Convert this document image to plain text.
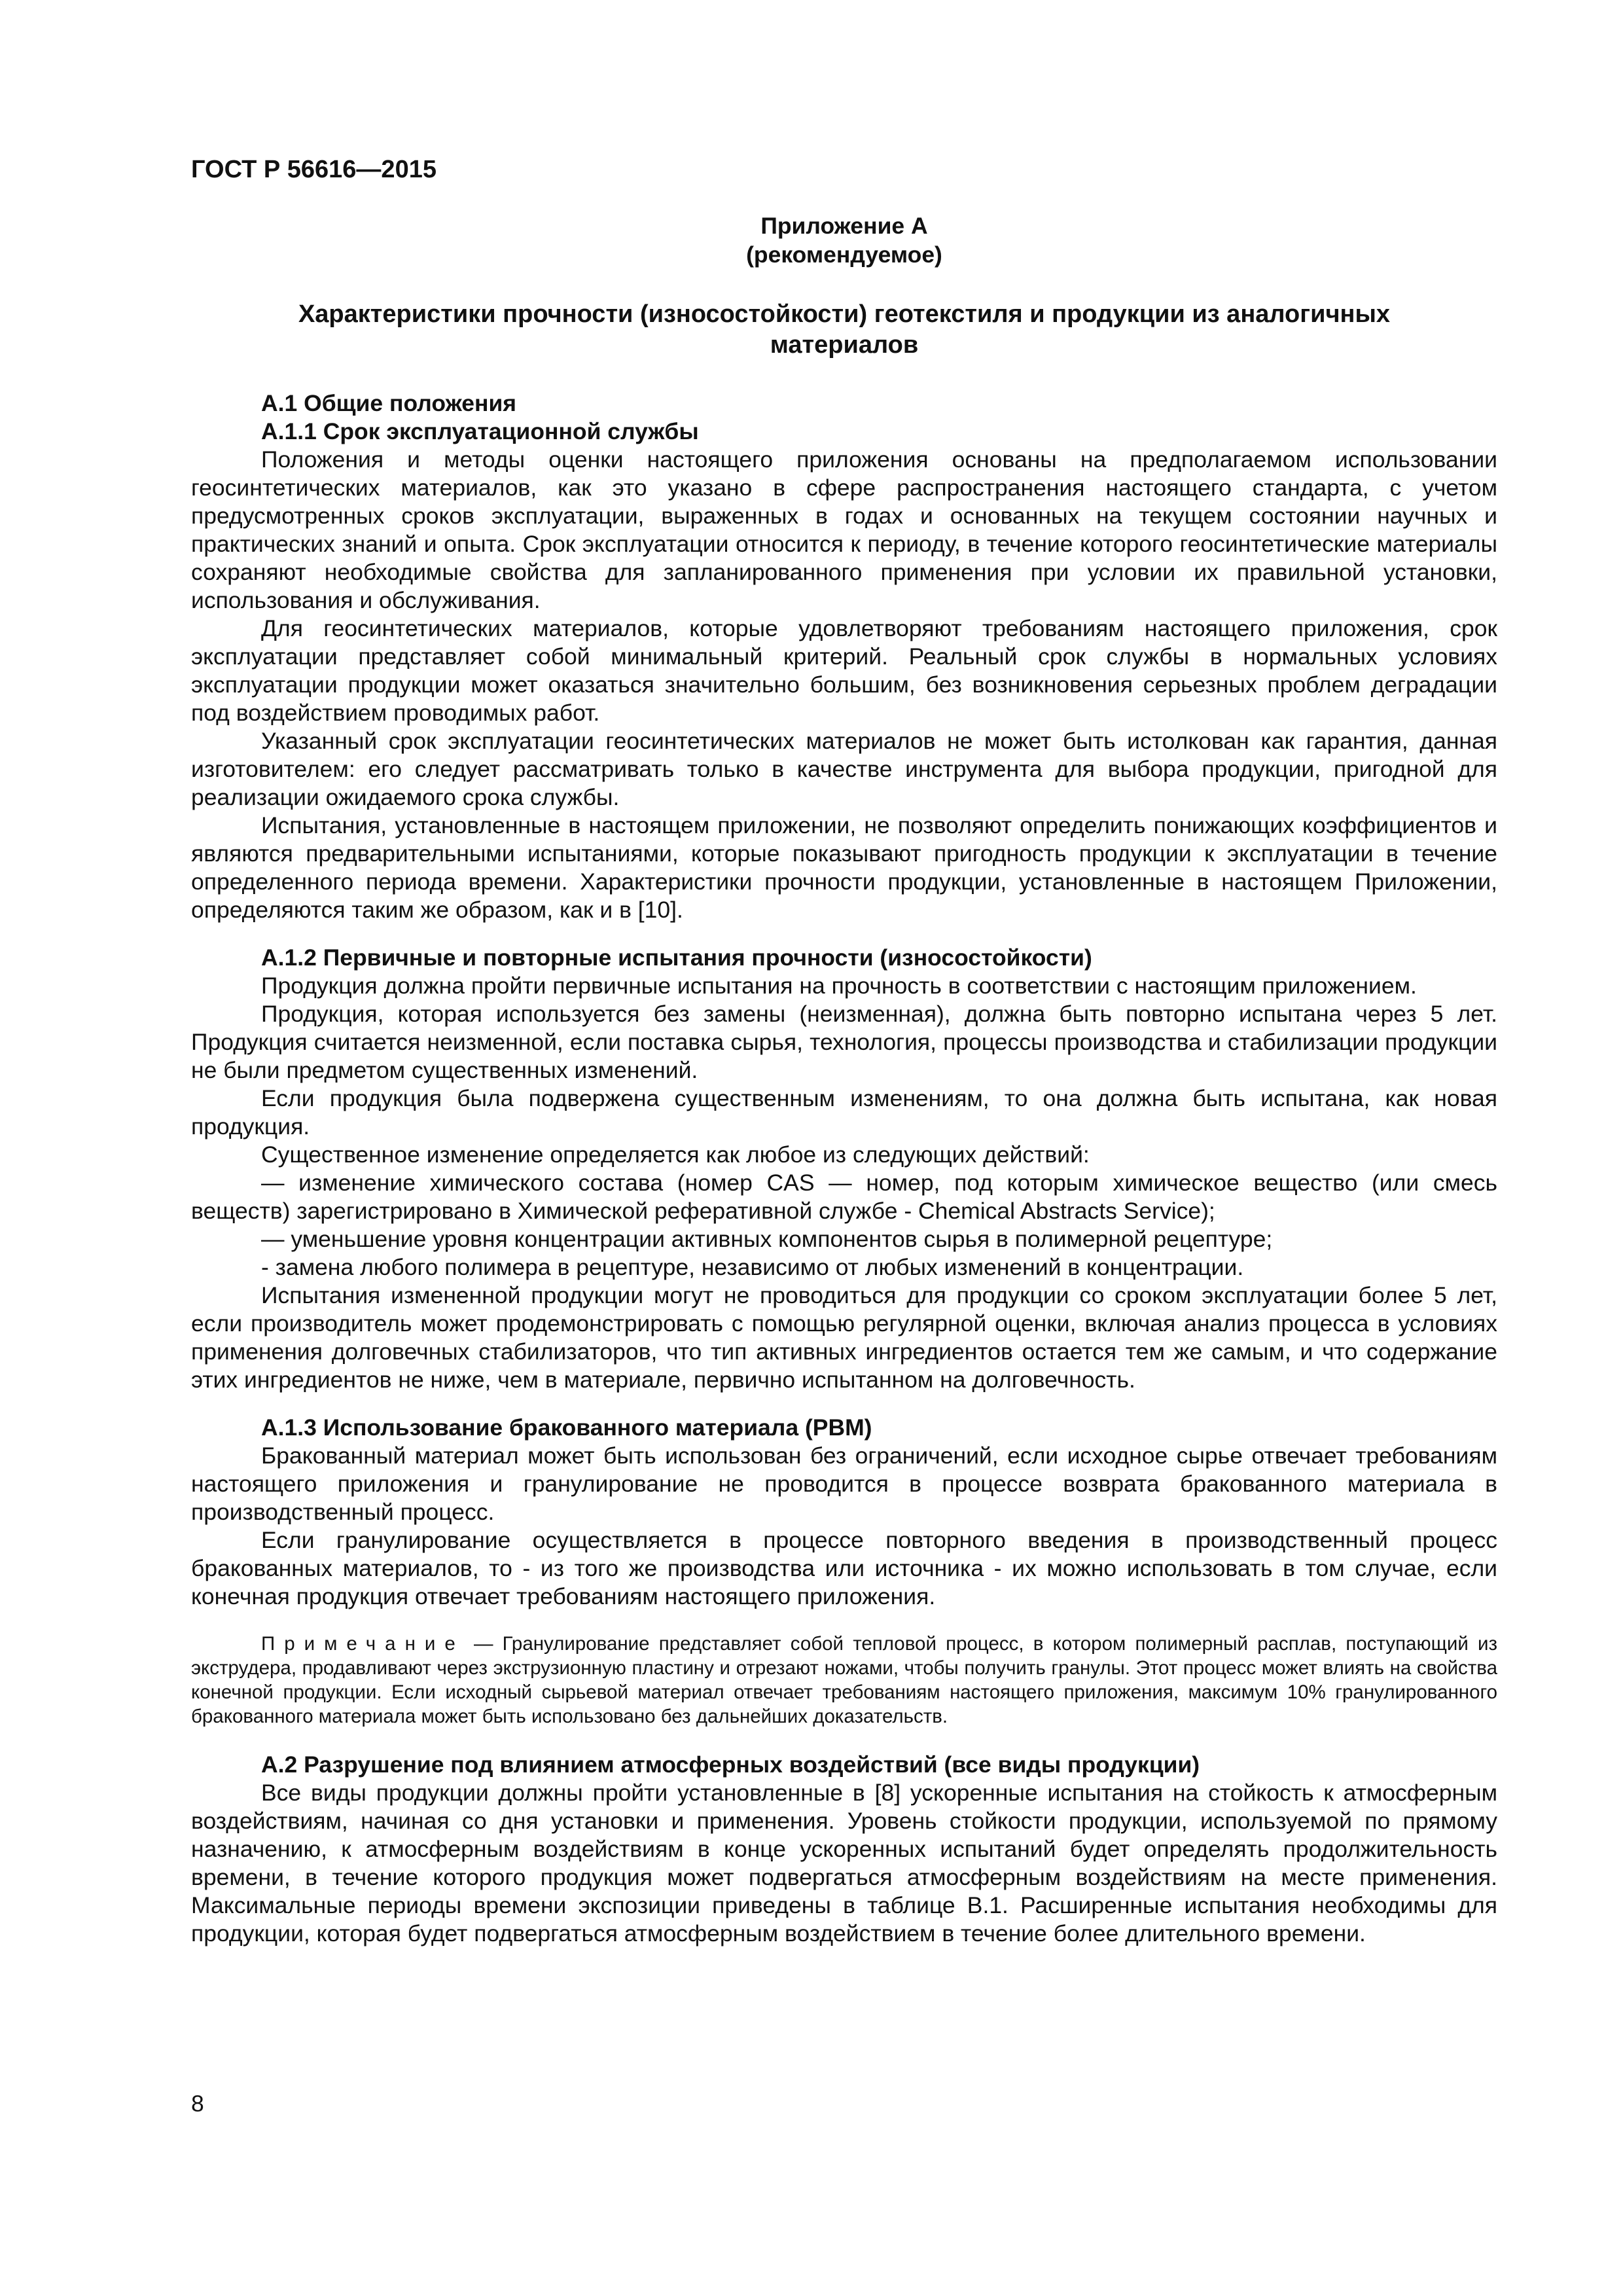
ГОСТ Р 56616—2015
Приложение А
(рекомендуемое)
Характеристики прочности (износостойкости) геотекстиля и продукции из аналогичных материалов
А.1 Общие положения
А.1.1 Срок эксплуатационной службы

Положения и методы оценки настоящего приложения основаны на предполагаемом использовании геосинтетических материалов, как это указано в сфере распространения настоящего стандарта, с учетом предусмотренных сроков эксплуатации, выраженных в годах и основанных на текущем состоянии научных и практических знаний и опыта. Срок эксплуатации относится к периоду, в течение которого геосинтетические материалы сохраняют необходимые свойства для запланированного применения при условии их правильной установки, использования и обслуживания.

Для геосинтетических материалов, которые удовлетворяют требованиям настоящего приложения, срок эксплуатации представляет собой минимальный критерий. Реальный срок службы в нормальных условиях эксплуатации продукции может оказаться значительно большим, без возникновения серьезных проблем деградации под воздействием проводимых работ.

Указанный срок эксплуатации геосинтетических материалов не может быть истолкован как гарантия, данная изготовителем: его следует рассматривать только в качестве инструмента для выбора продукции, пригодной для реализации ожидаемого срока службы.

Испытания, установленные в настоящем приложении, не позволяют определить понижающих коэффициентов и являются предварительными испытаниями, которые показывают пригодность продукции к эксплуатации в течение определенного периода времени. Характеристики прочности продукции, установленные в настоящем Приложении, определяются таким же образом, как и в [10].

А.1.2 Первичные и повторные испытания прочности (износостойкости)

Продукция должна пройти первичные испытания на прочность в соответствии с настоящим приложением.

Продукция, которая используется без замены (неизменная), должна быть повторно испытана через 5 лет. Продукция считается неизменной, если поставка сырья, технология, процессы производства и стабилизации продукции не были предметом существенных изменений.

Если продукция была подвержена существенным изменениям, то она должна быть испытана, как новая продукция.

Существенное изменение определяется как любое из следующих действий:

— изменение химического состава (номер CAS — номер, под которым химическое вещество (или смесь веществ) зарегистрировано в Химической реферативной службе - Chemical Abstracts Service);

— уменьшение уровня концентрации активных компонентов сырья в полимерной рецептуре;

- замена любого полимера в рецептуре, независимо от любых изменений в концентрации.

Испытания измененной продукции могут не проводиться для продукции со сроком эксплуатации более 5 лет, если производитель может продемонстрировать с помощью регулярной оценки, включая анализ процесса в условиях применения долговечных стабилизаторов, что тип активных ингредиентов остается тем же самым, и что содержание этих ингредиентов не ниже, чем в материале, первично испытанном на долговечность.

А.1.3 Использование бракованного материала (РВМ)

Бракованный материал может быть использован без ограничений, если исходное сырье отвечает требованиям настоящего приложения и гранулирование не проводится в процессе возврата бракованного материала в производственный процесс.

Если гранулирование осуществляется в процессе повторного введения в производственный процесс бракованных материалов, то - из того же производства или источника - их можно использовать в том случае, если конечная продукция отвечает требованиям настоящего приложения.

Примечание — Гранулирование представляет собой тепловой процесс, в котором полимерный расплав, поступающий из экструдера, продавливают через экструзионную пластину и отрезают ножами, чтобы получить гранулы. Этот процесс может влиять на свойства конечной продукции. Если исходный сырьевой материал отвечает требованиям настоящего приложения, максимум 10% гранулированного бракованного материала может быть использовано без дальнейших доказательств.
А.2 Разрушение под влиянием атмосферных воздействий (все виды продукции)

Все виды продукции должны пройти установленные в [8] ускоренные испытания на стойкость к атмосферным воздействиям, начиная со дня установки и применения. Уровень стойкости продукции, используемой по прямому назначению, к атмосферным воздействиям в конце ускоренных испытаний будет определять продолжительность времени, в течение которого продукция может подвергаться атмосферным воздействиям на месте применения. Максимальные периоды времени экспозиции приведены в таблице В.1. Расширенные испытания необходимы для продукции, которая будет подвергаться атмосферным воздействием в течение более длительного времени.

8
